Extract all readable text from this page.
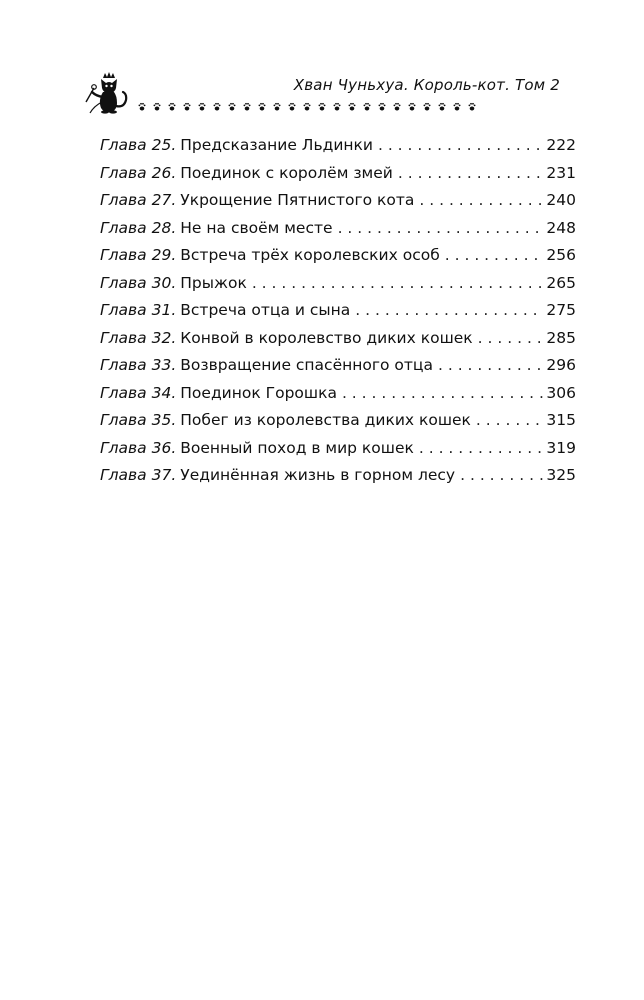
Хван Чуньхуа. Король-кот. Том 2
Глава 25. Предсказание Льдинки . . .	222
Глава 26. Поединок с королём змей . . .	231
Глава 27. Укрощение Пятнистого кота . . .	240
Глава 28. Не на своём месте . . .	248
Глава 29. Встреча трёх королевских особ . . .	256
Глава 30. Прыжок . . .	265
Глава 31. Встреча отца и сына . . .	275
Глава 32. Конвой в королевство диких кошек . . .	285
Глава 33. Возвращение спасённого отца . . .	296
Глава 34. Поединок Горошка . . .	306
Глава 35. Побег из королевства диких кошек . . .	315
Глава 36. Военный поход в мир кошек . . .	319
Глава 37. Уединённая жизнь в горном лесу . . .	325
